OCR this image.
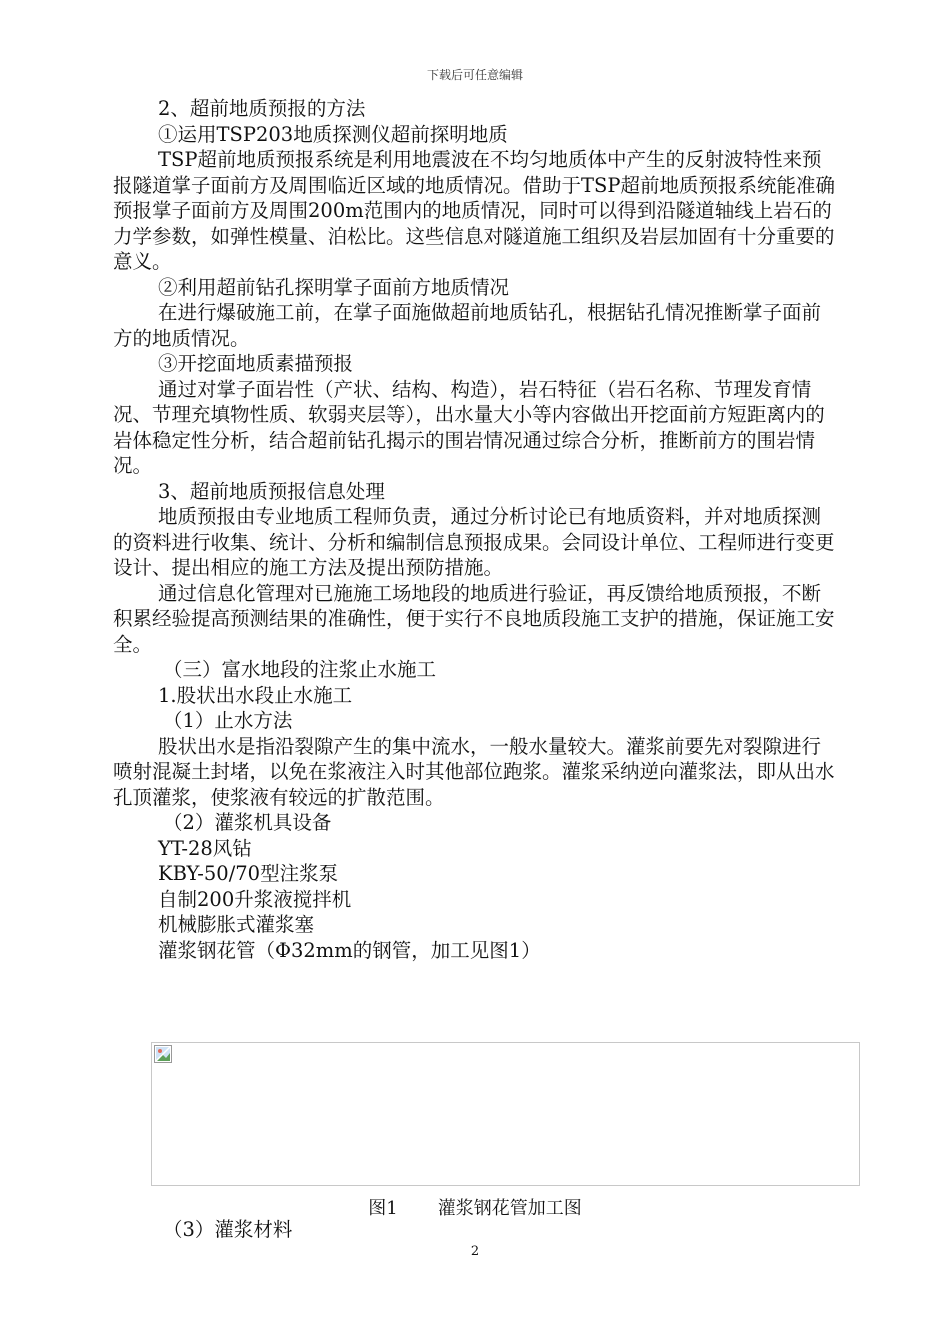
下载后可任意编辑

2、超前地质预报的方法

①运用TSP203地质探测仪超前探明地质

TSP超前地质预报系统是利用地震波在不均匀地质体中产生的反射波特性来预报隧道掌子面前方及周围临近区域的地质情况。借助于TSP超前地质预报系统能准确预报掌子面前方及周围200m范围内的地质情况，同时可以得到沿隧道轴线上岩石的力学参数，如弹性模量、泊松比。这些信息对隧道施工组织及岩层加固有十分重要的意义。

②利用超前钻孔探明掌子面前方地质情况

在进行爆破施工前，在掌子面施做超前地质钻孔，根据钻孔情况推断掌子面前方的地质情况。

③开挖面地质素描预报

通过对掌子面岩性（产状、结构、构造），岩石特征（岩石名称、节理发育情况、节理充填物性质、软弱夹层等），出水量大小等内容做出开挖面前方短距离内的岩体稳定性分析，结合超前钻孔揭示的围岩情况通过综合分析，推断前方的围岩情况。

3、超前地质预报信息处理

地质预报由专业地质工程师负责，通过分析讨论已有地质资料，并对地质探测的资料进行收集、统计、分析和编制信息预报成果。会同设计单位、工程师进行变更设计、提出相应的施工方法及提出预防措施。

通过信息化管理对已施施工场地段的地质进行验证，再反馈给地质预报，不断积累经验提高预测结果的准确性，便于实行不良地质段施工支护的措施，保证施工安全。

（三）富水地段的注浆止水施工

1.股状出水段止水施工

（1）止水方法

股状出水是指沿裂隙产生的集中流水，一般水量较大。灌浆前要先对裂隙进行喷射混凝土封堵，以免在浆液注入时其他部位跑浆。灌浆采纳逆向灌浆法，即从出水孔顶灌浆，使浆液有较远的扩散范围。

（2）灌浆机具设备

YT-28风钻

KBY-50/70型注浆泵

自制200升浆液搅拌机

机械膨胀式灌浆塞

灌浆钢花管（Φ32mm的钢管，加工见图1）

图1 灌浆钢花管加工图
（3）灌浆材料
2
